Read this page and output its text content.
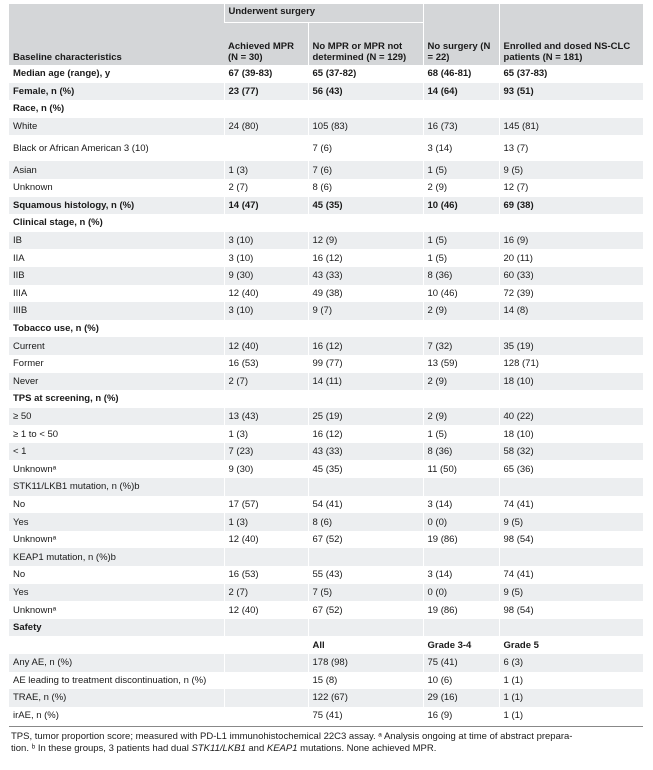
Baseline characteristics	Underwent surgery		No surgery (N = 22)	Enrolled and dosed NS-CLC patients (N = 181)
	Achieved MPR (N = 30)	No MPR or MPR not determined (N = 129)		
Median age (range), y	67 (39-83)	65 (37-82)	68 (46-81)	65 (37-83)
Female, n (%)	23 (77)	56 (43)	14 (64)	93 (51)
Race, n (%)				
White	24 (80)	105 (83)	16 (73)	145 (81)
Black or African American 3 (10)		7 (6)	3 (14)	13 (7)
Asian	1 (3)	7 (6)	1 (5)	9 (5)
Unknown	2 (7)	8 (6)	2 (9)	12 (7)
Squamous histology, n (%)	14 (47)	45 (35)	10 (46)	69 (38)
Clinical stage, n (%)				
IB	3 (10)	12 (9)	1 (5)	16 (9)
IIA	3 (10)	16 (12)	1 (5)	20 (11)
IIB	9 (30)	43 (33)	8 (36)	60 (33)
IIIA	12 (40)	49 (38)	10 (46)	72 (39)
IIIB	3 (10)	9 (7)	2 (9)	14 (8)
Tobacco use, n (%)				
Current	12 (40)	16 (12)	7 (32)	35 (19)
Former	16 (53)	99 (77)	13 (59)	128 (71)
Never	2 (7)	14 (11)	2 (9)	18 (10)
TPS at screening, n (%)				
≥ 50	13 (43)	25 (19)	2 (9)	40 (22)
≥ 1 to < 50	1 (3)	16 (12)	1 (5)	18 (10)
< 1	7 (23)	43 (33)	8 (36)	58 (32)
Unknownᵃ	9 (30)	45 (35)	11 (50)	65 (36)
STK11/LKB1 mutation, n (%)b				
No	17 (57)	54 (41)	3 (14)	74 (41)
Yes	1 (3)	8 (6)	0 (0)	9 (5)
Unknownᵃ	12 (40)	67 (52)	19 (86)	98 (54)
KEAP1 mutation, n (%)b				
No	16 (53)	55 (43)	3 (14)	74 (41)
Yes	2 (7)	7 (5)	0 (0)	9 (5)
Unknownᵃ	12 (40)	67 (52)	19 (86)	98 (54)
Safety				
		All	Grade 3-4	Grade 5
Any AE, n (%)		178 (98)	75 (41)	6 (3)
AE leading to treatment discontinuation, n (%)		15 (8)	10 (6)	1 (1)
TRAE, n (%)		122 (67)	29 (16)	1 (1)
irAE, n (%)		75 (41)	16 (9)	1 (1)
TPS, tumor proportion score; measured with PD-L1 immunohistochemical 22C3 assay. ᵃ Analysis ongoing at time of abstract prepara-
tion. ᵇ In these groups, 3 patients had dual STK11/LKB1 and KEAP1 mutations. None achieved MPR.
